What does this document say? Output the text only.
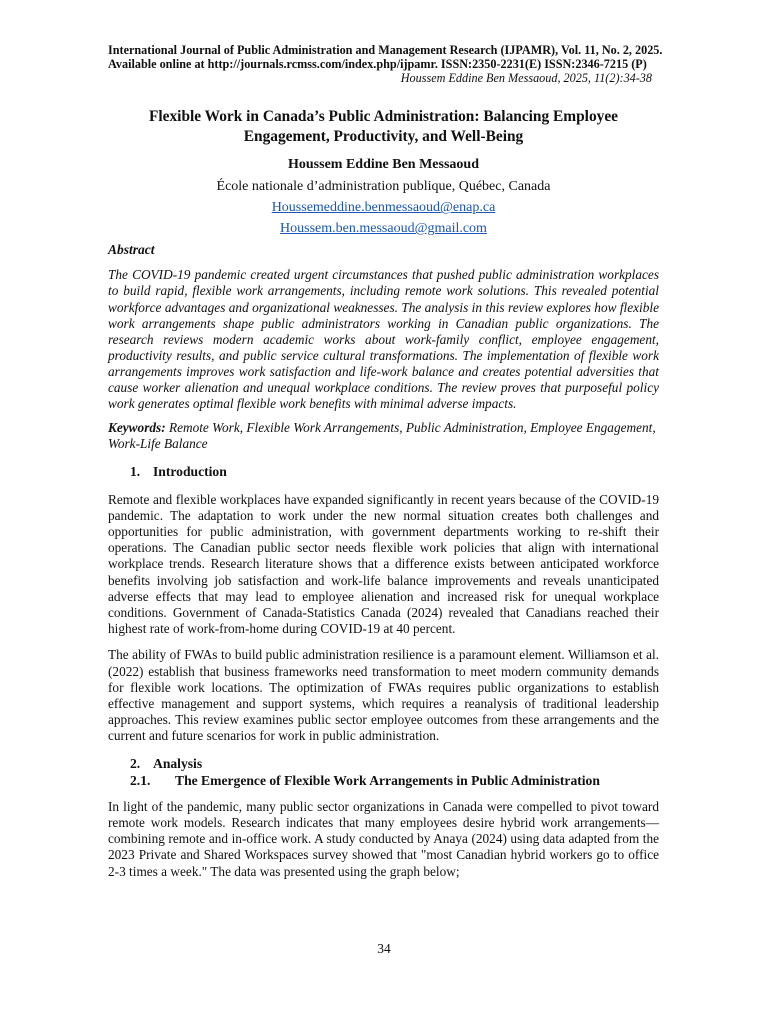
International Journal of Public Administration and Management Research (IJPAMR), Vol. 11, No. 2, 2025.
Available online at http://journals.rcmss.com/index.php/ijpamr. ISSN:2350-2231(E) ISSN:2346-7215 (P)
Houssem Eddine Ben Messaoud, 2025, 11(2):34-38
Flexible Work in Canada’s Public Administration: Balancing Employee
Engagement, Productivity, and Well-Being
Houssem Eddine Ben Messaoud
École nationale d’administration publique, Québec, Canada
Houssemeddine.benmessaoud@enap.ca
Houssem.ben.messaoud@gmail.com
Abstract
The COVID-19 pandemic created urgent circumstances that pushed public administration workplaces to build rapid, flexible work arrangements, including remote work solutions. This revealed potential workforce advantages and organizational weaknesses. The analysis in this review explores how flexible work arrangements shape public administrators working in Canadian public organizations. The research reviews modern academic works about work-family conflict, employee engagement, productivity results, and public service cultural transformations. The implementation of flexible work arrangements improves work satisfaction and life-work balance and creates potential adversities that cause worker alienation and unequal workplace conditions. The review proves that purposeful policy work generates optimal flexible work benefits with minimal adverse impacts.
Keywords: Remote Work, Flexible Work Arrangements, Public Administration, Employee Engagement, Work-Life Balance
1. Introduction
Remote and flexible workplaces have expanded significantly in recent years because of the COVID-19 pandemic. The adaptation to work under the new normal situation creates both challenges and opportunities for public administration, with government departments working to re-shift their operations. The Canadian public sector needs flexible work policies that align with international workplace trends. Research literature shows that a difference exists between anticipated workforce benefits involving job satisfaction and work-life balance improvements and reveals unanticipated adverse effects that may lead to employee alienation and increased risk for unequal workplace conditions. Government of Canada-Statistics Canada (2024) revealed that Canadians reached their highest rate of work-from-home during COVID-19 at 40 percent.
The ability of FWAs to build public administration resilience is a paramount element. Williamson et al. (2022) establish that business frameworks need transformation to meet modern community demands for flexible work locations. The optimization of FWAs requires public organizations to establish effective management and support systems, which requires a reanalysis of traditional leadership approaches. This review examines public sector employee outcomes from these arrangements and the current and future scenarios for work in public administration.
2. Analysis
2.1. The Emergence of Flexible Work Arrangements in Public Administration
In light of the pandemic, many public sector organizations in Canada were compelled to pivot toward remote work models. Research indicates that many employees desire hybrid work arrangements—combining remote and in-office work. A study conducted by Anaya (2024) using data adapted from the 2023 Private and Shared Workspaces survey showed that "most Canadian hybrid workers go to office 2-3 times a week." The data was presented using the graph below;
34
